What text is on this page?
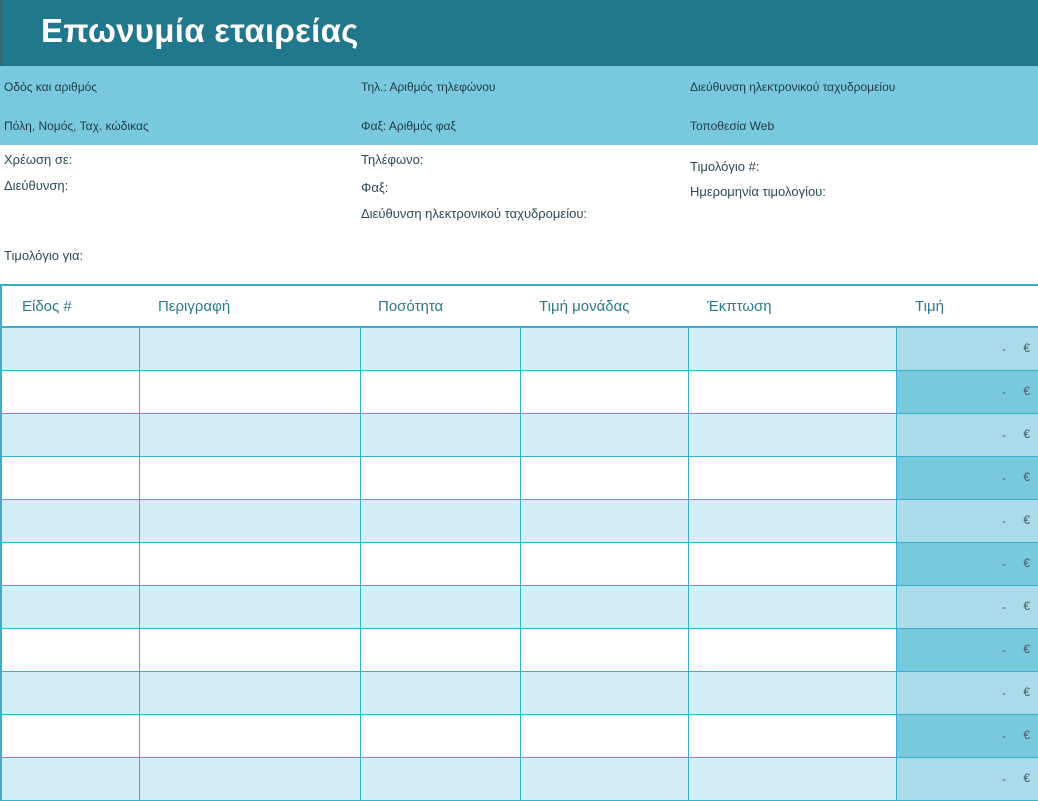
Επωνυμία εταιρείας
Οδός και αριθμός
Πόλη, Νομός, Ταχ. κώδικας
Τηλ.: Αριθμός τηλεφώνου
Φαξ: Αριθμός φαξ
Διεύθυνση ηλεκτρονικού ταχυδρομείου
Τοποθεσία Web
Χρέωση σε:
Διεύθυνση:
Τηλέφωνο:
Φαξ:
Διεύθυνση ηλεκτρονικού ταχυδρομείου:
Τιμολόγιο #:
Ημερομηνία τιμολογίου:
Τιμολόγιο για:
Είδος #	Περιγραφή	Ποσότητα	Τιμή μονάδας	Έκπτωση	Τιμή

					- €

					- €

					- €

					- €

					- €

					- €

					- €

					- €

					- €

					- €

					- €
